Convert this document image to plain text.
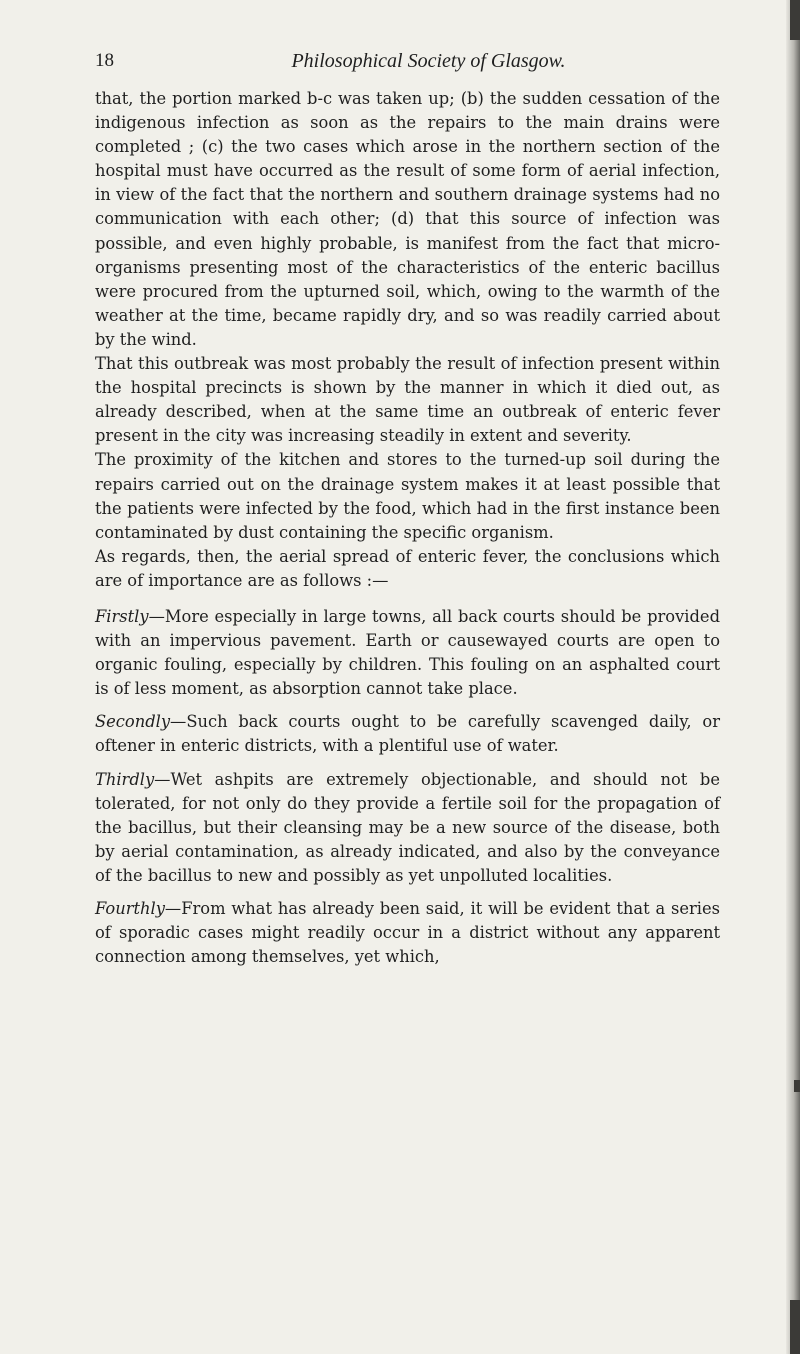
18	Philosophical Society of Glasgow.

that, the portion marked b-c was taken up; (b) the sudden cessation of the indigenous infection as soon as the repairs to the main drains were completed ; (c) the two cases which arose in the northern section of the hospital must have occurred as the result of some form of aerial infection, in view of the fact that the northern and southern drainage systems had no communication with each other; (d) that this source of infection was possible, and even highly probable, is manifest from the fact that micro-organisms presenting most of the characteristics of the enteric bacillus were procured from the upturned soil, which, owing to the warmth of the weather at the time, became rapidly dry, and so was readily carried about by the wind.

That this outbreak was most probably the result of infection present within the hospital precincts is shown by the manner in which it died out, as already described, when at the same time an outbreak of enteric fever present in the city was increasing steadily in extent and severity.

The proximity of the kitchen and stores to the turned-up soil during the repairs carried out on the drainage system makes it at least possible that the patients were infected by the food, which had in the first instance been contaminated by dust containing the specific organism.

As regards, then, the aerial spread of enteric fever, the conclusions which are of importance are as follows :—

Firstly—More especially in large towns, all back courts should be provided with an impervious pavement. Earth or causewayed courts are open to organic fouling, especially by children. This fouling on an asphalted court is of less moment, as absorption cannot take place.

Secondly—Such back courts ought to be carefully scavenged daily, or oftener in enteric districts, with a plentiful use of water.

Thirdly—Wet ashpits are extremely objectionable, and should not be tolerated, for not only do they provide a fertile soil for the propagation of the bacillus, but their cleansing may be a new source of the disease, both by aerial contamination, as already indicated, and also by the conveyance of the bacillus to new and possibly as yet unpolluted localities.

Fourthly—From what has already been said, it will be evident that a series of sporadic cases might readily occur in a district without any apparent connection among themselves, yet which,
